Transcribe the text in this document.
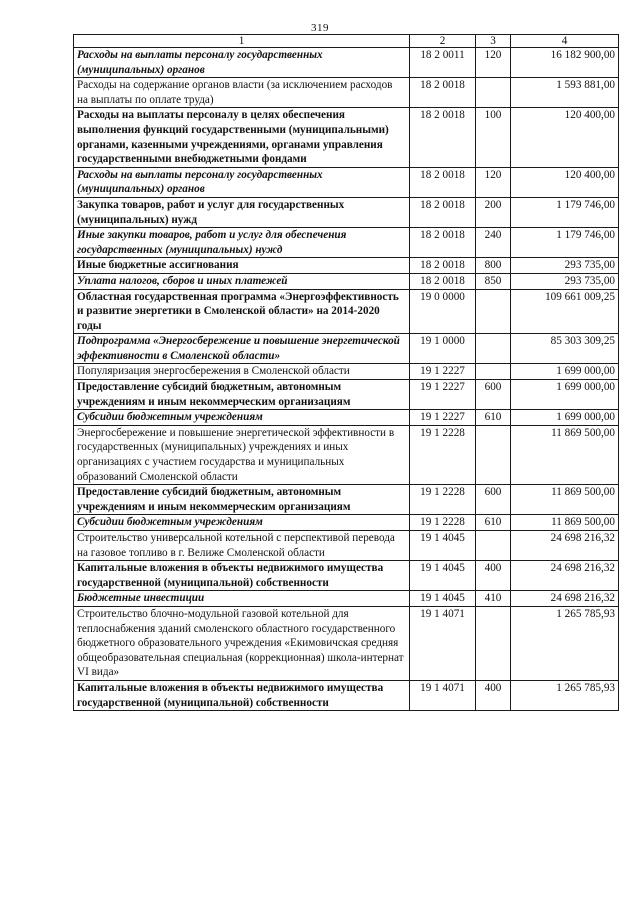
319
1	2	3	4
Расходы на выплаты персоналу государственных (муниципальных) органов	18 2 0011	120	16 182 900,00
Расходы на содержание органов власти (за исключением расходов на выплаты по оплате труда)	18 2 0018		1 593 881,00
Расходы на выплаты персоналу в целях обеспечения выполнения функций государственными (муниципальными) органами, казенными учреждениями, органами управления государственными внебюджетными фондами	18 2 0018	100	120 400,00
Расходы на выплаты персоналу государственных (муниципальных) органов	18 2 0018	120	120 400,00
Закупка товаров, работ и услуг для государственных (муниципальных) нужд	18 2 0018	200	1 179 746,00
Иные закупки товаров, работ и услуг для обеспечения государственных (муниципальных) нужд	18 2 0018	240	1 179 746,00
Иные бюджетные ассигнования	18 2 0018	800	293 735,00
Уплата налогов, сборов и иных платежей	18 2 0018	850	293 735,00
Областная государственная программа «Энергоэффективность и развитие энергетики в Смоленской области» на 2014-2020 годы	19 0 0000		109 661 009,25
Подпрограмма «Энергосбережение и повышение энергетической эффективности в Смоленской области»	19 1 0000		85 303 309,25
Популяризация энергосбережения в Смоленской области	19 1 2227		1 699 000,00
Предоставление субсидий бюджетным, автономным учреждениям и иным некоммерческим организациям	19 1 2227	600	1 699 000,00
Субсидии бюджетным учреждениям	19 1 2227	610	1 699 000,00
Энергосбережение и повышение энергетической эффективности в государственных (муниципальных) учреждениях и иных организациях с участием государства и муниципальных образований Смоленской области	19 1 2228		11 869 500,00
Предоставление субсидий бюджетным, автономным учреждениям и иным некоммерческим организациям	19 1 2228	600	11 869 500,00
Субсидии бюджетным учреждениям	19 1 2228	610	11 869 500,00
Строительство универсальной котельной с перспективой перевода на газовое топливо в г. Велиже Смоленской области	19 1 4045		24 698 216,32
Капитальные вложения в объекты недвижимого имущества государственной (муниципальной) собственности	19 1 4045	400	24 698 216,32
Бюджетные инвестиции	19 1 4045	410	24 698 216,32
Строительство блочно-модульной газовой котельной для теплоснабжения зданий смоленского областного государственного бюджетного образовательного учреждения «Екимовичская средняя общеобразовательная специальная (коррекционная) школа-интернат VI вида»	19 1 4071		1 265 785,93
Капитальные вложения в объекты недвижимого имущества государственной (муниципальной) собственности	19 1 4071	400	1 265 785,93
